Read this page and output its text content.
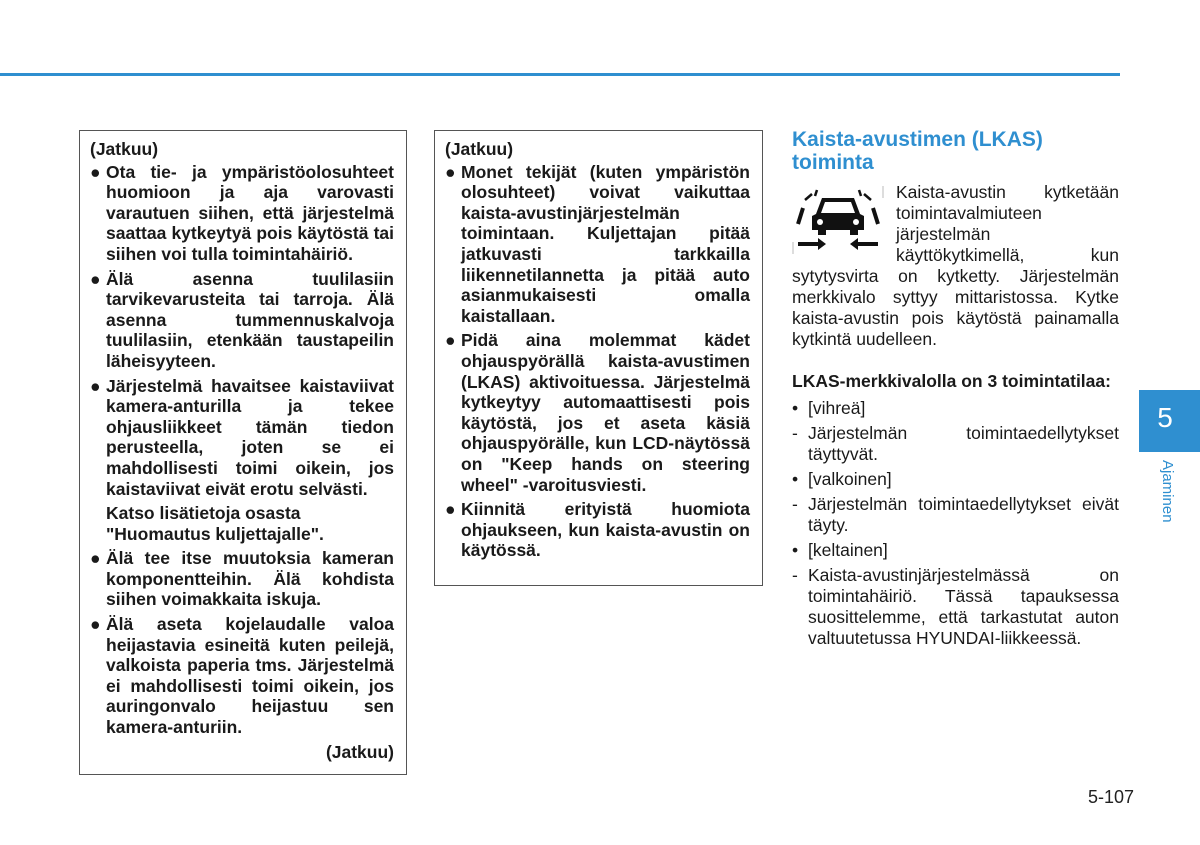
(Jatkuu)
● Ota tie- ja ympäristöolosuhteet huomioon ja aja varovasti varautuen siihen, että järjestelmä saattaa kytkeytyä pois käytöstä tai siihen voi tulla toimintahäiriö.
● Älä asenna tuulilasiin tarvikevarusteita tai tarroja. Älä asenna tummennuskalvoja tuulilasiin, etenkään taustapeilin läheisyyteen.
● Järjestelmä havaitsee kaistaviivat kamera-anturilla ja tekee ohjausliikkeet tämän tiedon perusteella, joten se ei mahdollisesti toimi oikein, jos kaistaviivat eivät erotu selvästi.
Katso lisätietoja osasta "Huomautus kuljettajalle".
● Älä tee itse muutoksia kameran komponentteihin. Älä kohdista siihen voimakkaita iskuja.
● Älä aseta kojelaudalle valoa heijastavia esineitä kuten peilejä, valkoista paperia tms. Järjestelmä ei mahdollisesti toimi oikein, jos auringonvalo heijastuu sen kamera-anturiin.
(Jatkuu)
(Jatkuu)
● Monet tekijät (kuten ympäristön olosuhteet) voivat vaikuttaa kaista-avustinjärjestelmän toimintaan. Kuljettajan pitää jatkuvasti tarkkailla liikennetilannetta ja pitää auto asianmukaisesti omalla kaistallaan.
● Pidä aina molemmat kädet ohjauspyörällä kaista-avustimen (LKAS) aktivoituessa. Järjestelmä kytkeytyy automaattisesti pois käytöstä, jos et aseta käsiä ohjauspyörälle, kun LCD-näytössä on "Keep hands on steering wheel" -varoitusviesti.
● Kiinnitä erityistä huomiota ohjaukseen, kun kaista-avustin on käytössä.
Kaista-avustimen (LKAS) toiminta

Kaista-avustin kytketään toimintavalmiuteen järjestelmän käyttökytkimellä, kun sytytysvirta on kytketty. Järjestelmän merkkivalo syttyy mittaristossa. Kytke kaista-avustin pois käytöstä painamalla kytkintä uudelleen.

LKAS-merkkivalolla on 3 toimintatilaa:
• [vihreä]
- Järjestelmän toimintaedellytykset täyttyvät.
• [valkoinen]
- Järjestelmän toimintaedellytykset eivät täyty.
• [keltainen]
- Kaista-avustinjärjestelmässä on toimintahäiriö. Tässä tapauksessa suosittelemme, että tarkastutat auton valtuutetussa HYUNDAI-liikkeessä.
5
Ajaminen
5-107
